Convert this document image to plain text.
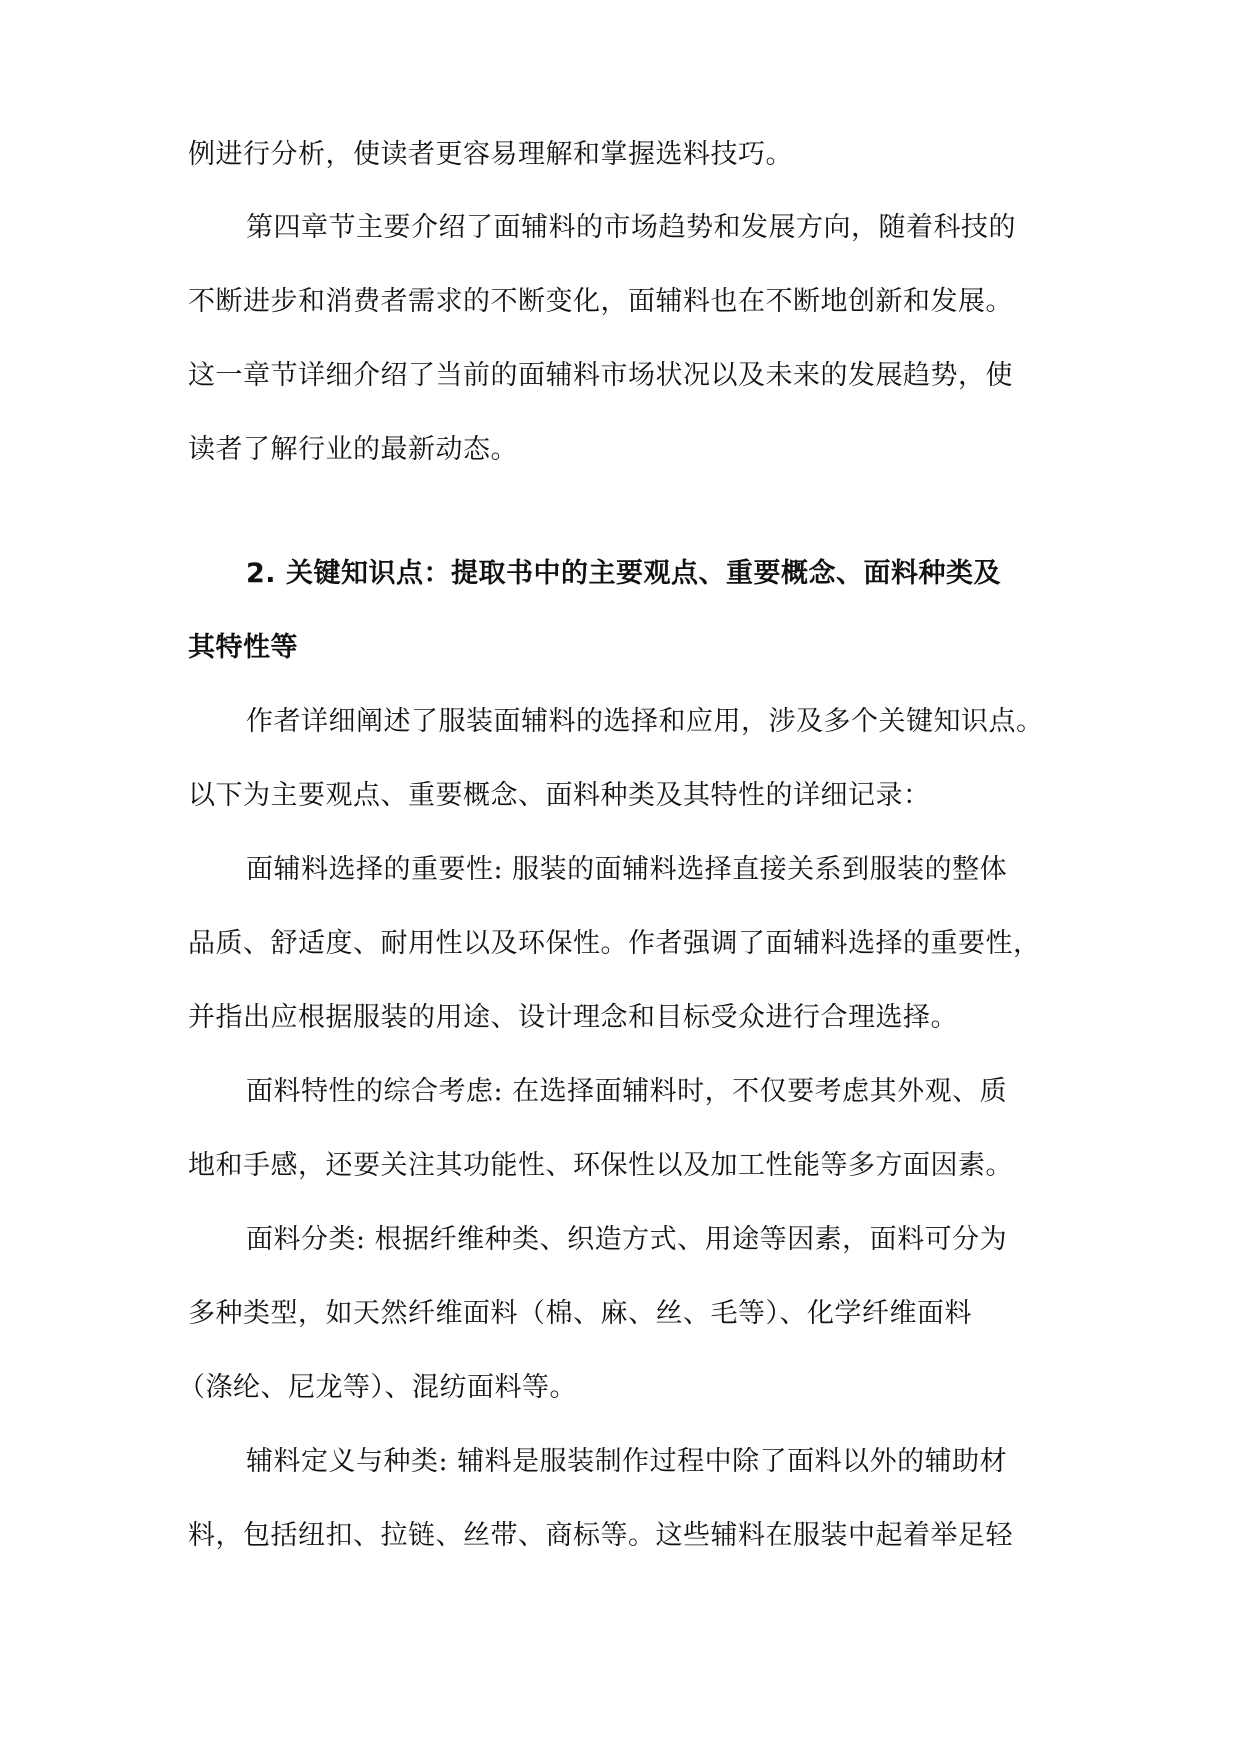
例进行分析，使读者更容易理解和掌握选料技巧。
第四章节主要介绍了面辅料的市场趋势和发展方向，随着科技的
不断进步和消费者需求的不断变化，面辅料也在不断地创新和发展。
这一章节详细介绍了当前的面辅料市场状况以及未来的发展趋势，使
读者了解行业的最新动态。
2. 关键知识点：提取书中的主要观点、重要概念、面料种类及
其特性等
作者详细阐述了服装面辅料的选择和应用，涉及多个关键知识点。
以下为主要观点、重要概念、面料种类及其特性的详细记录：
面辅料选择的重要性: 服装的面辅料选择直接关系到服装的整体
品质、舒适度、耐用性以及环保性。作者强调了面辅料选择的重要性，
并指出应根据服装的用途、设计理念和目标受众进行合理选择。
面料特性的综合考虑: 在选择面辅料时，不仅要考虑其外观、质
地和手感，还要关注其功能性、环保性以及加工性能等多方面因素。
面料分类: 根据纤维种类、织造方式、用途等因素，面料可分为
多种类型，如天然纤维面料（棉、麻、丝、毛等）、化学纤维面料
（涤纶、尼龙等）、混纺面料等。
辅料定义与种类: 辅料是服装制作过程中除了面料以外的辅助材
料，包括纽扣、拉链、丝带、商标等。这些辅料在服装中起着举足轻
